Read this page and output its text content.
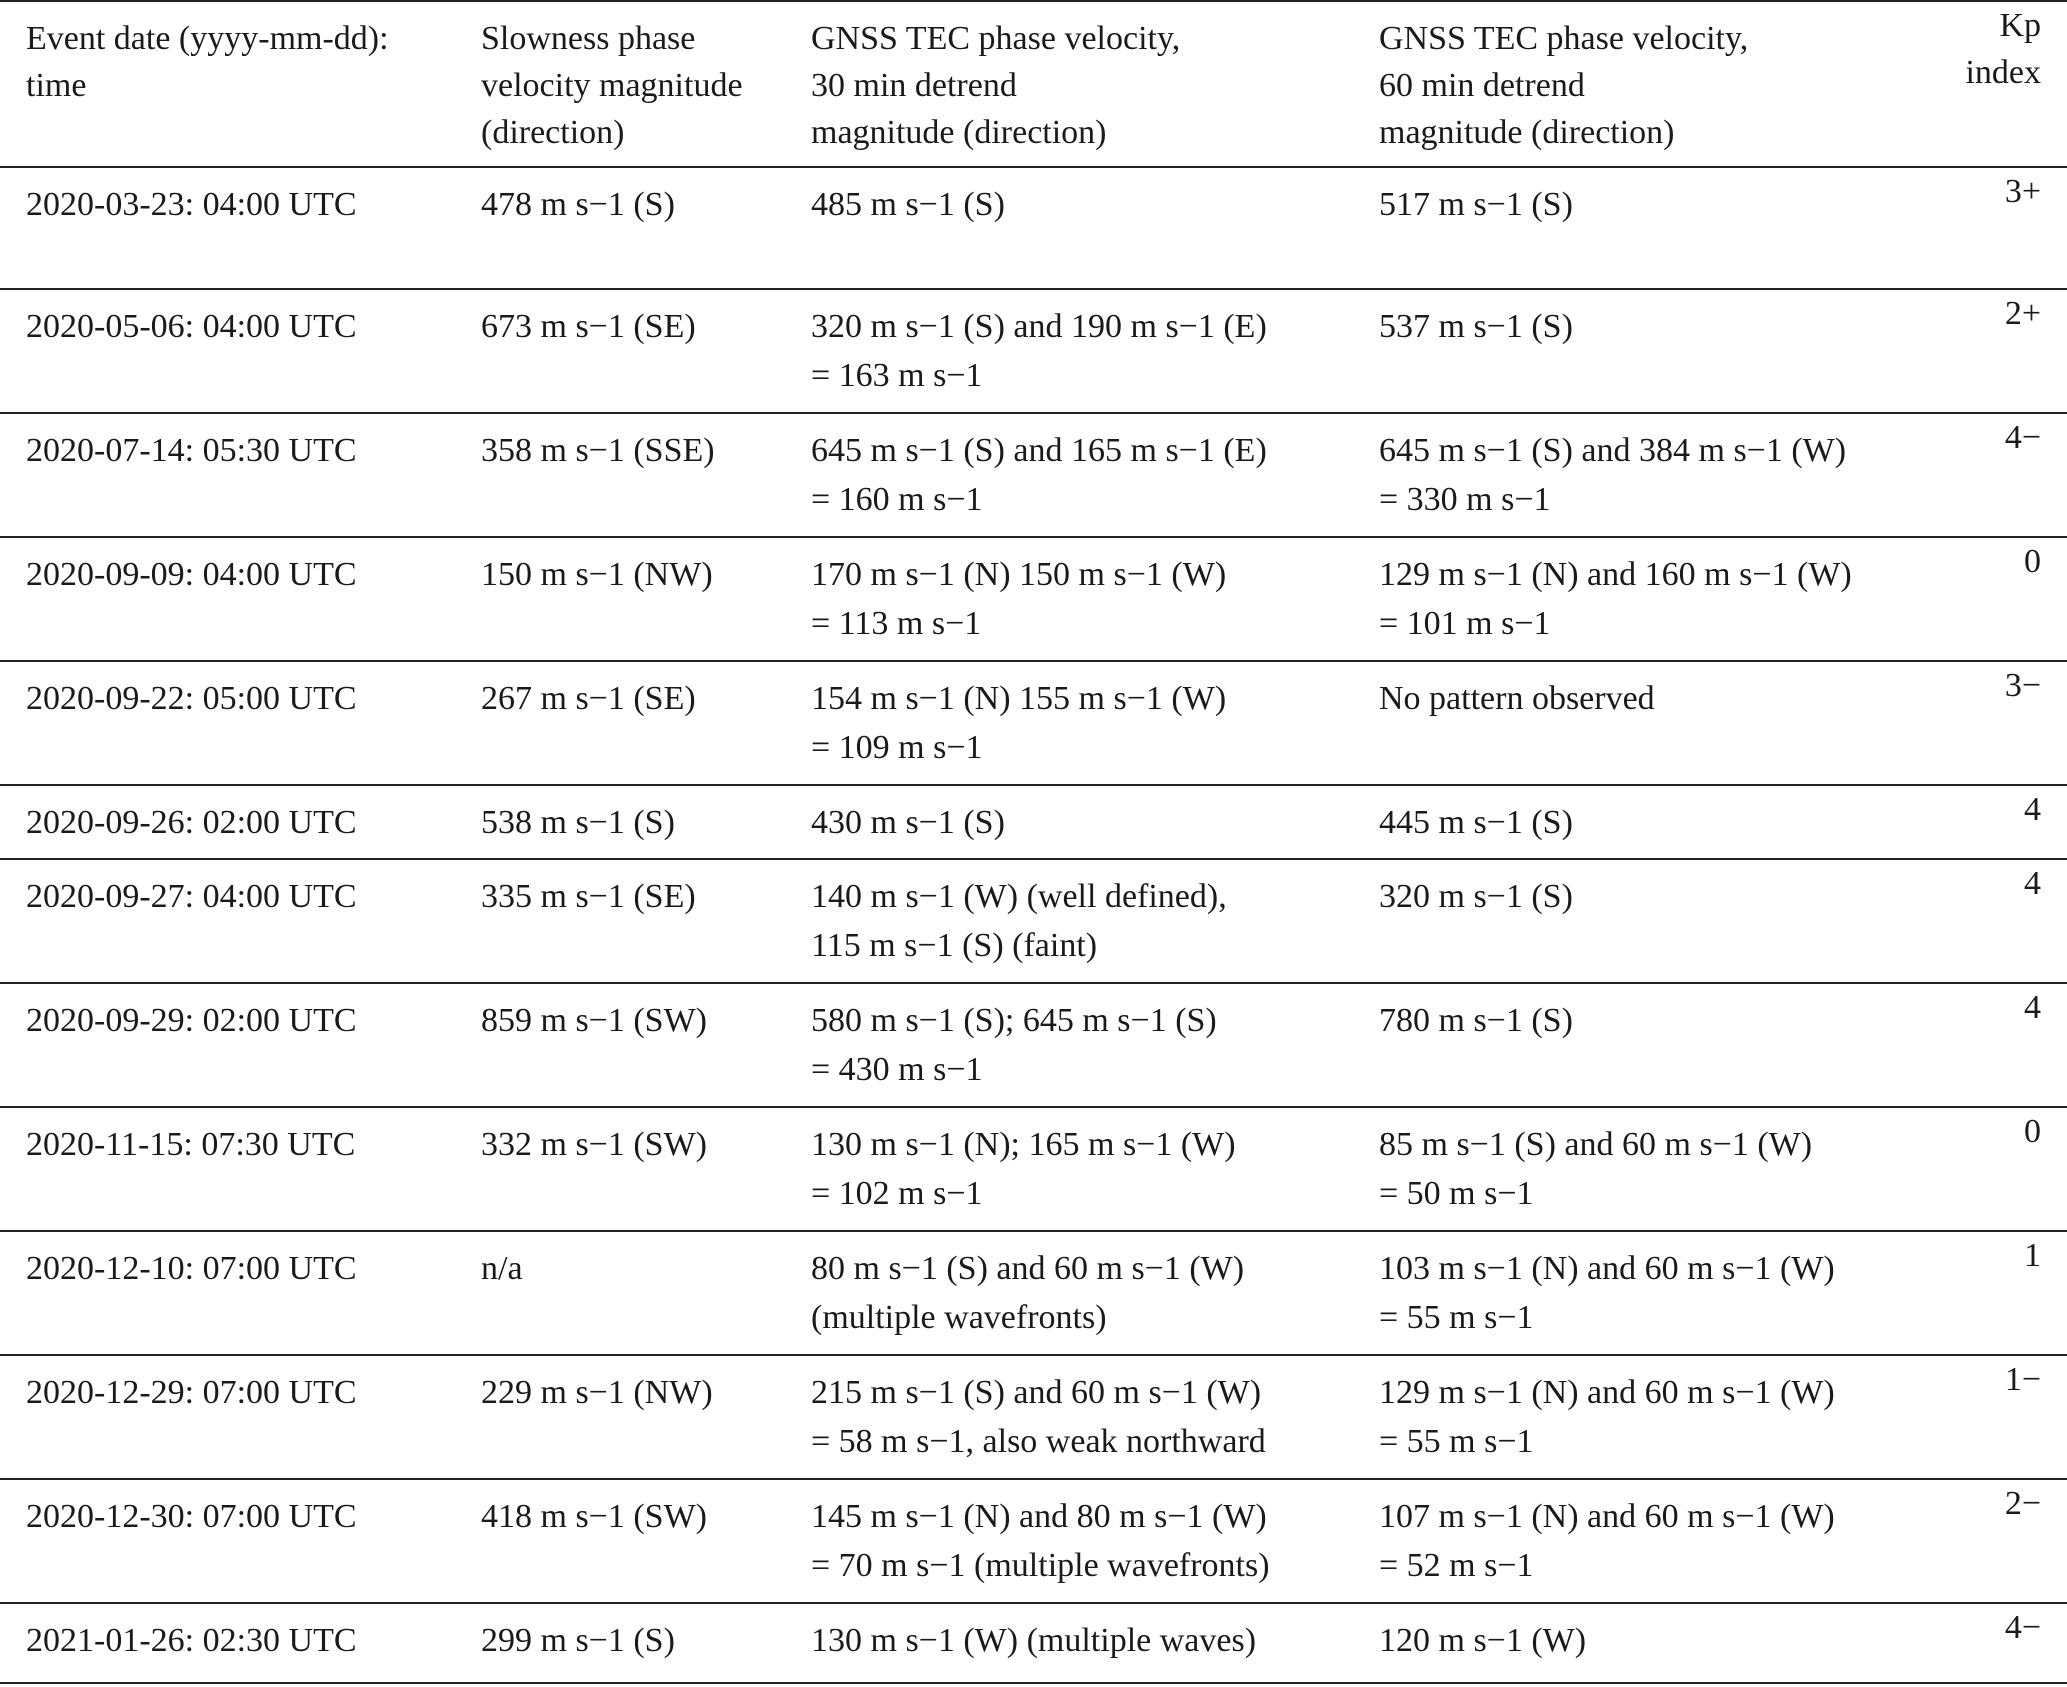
Event date (yyyy-mm-dd):
time	Slowness phase
velocity magnitude
(direction)	GNSS TEC phase velocity,
30 min detrend
magnitude (direction)	GNSS TEC phase velocity,
60 min detrend
magnitude (direction)	Kp
index

2020-03-23: 04:00 UTC	478 m s−1 (S)	485 m s−1 (S)	517 m s−1 (S)	3+

2020-05-06: 04:00 UTC	673 m s−1 (SE)	320 m s−1 (S) and 190 m s−1 (E)
= 163 m s−1	537 m s−1 (S)	2+

2020-07-14: 05:30 UTC	358 m s−1 (SSE)	645 m s−1 (S) and 165 m s−1 (E)
= 160 m s−1	645 m s−1 (S) and 384 m s−1 (W)
= 330 m s−1	4−

2020-09-09: 04:00 UTC	150 m s−1 (NW)	170 m s−1 (N) 150 m s−1 (W)
= 113 m s−1	129 m s−1 (N) and 160 m s−1 (W)
= 101 m s−1	0

2020-09-22: 05:00 UTC	267 m s−1 (SE)	154 m s−1 (N) 155 m s−1 (W)
= 109 m s−1	No pattern observed	3−

2020-09-26: 02:00 UTC	538 m s−1 (S)	430 m s−1 (S)	445 m s−1 (S)	4

2020-09-27: 04:00 UTC	335 m s−1 (SE)	140 m s−1 (W) (well defined),
115 m s−1 (S) (faint)	320 m s−1 (S)	4

2020-09-29: 02:00 UTC	859 m s−1 (SW)	580 m s−1 (S); 645 m s−1 (S)
= 430 m s−1	780 m s−1 (S)	4

2020-11-15: 07:30 UTC	332 m s−1 (SW)	130 m s−1 (N); 165 m s−1 (W)
= 102 m s−1	85 m s−1 (S) and 60 m s−1 (W)
= 50 m s−1	0

2020-12-10: 07:00 UTC	n/a	80 m s−1 (S) and 60 m s−1 (W)
(multiple wavefronts)	103 m s−1 (N) and 60 m s−1 (W)
= 55 m s−1	1

2020-12-29: 07:00 UTC	229 m s−1 (NW)	215 m s−1 (S) and 60 m s−1 (W)
= 58 m s−1, also weak northward	129 m s−1 (N) and 60 m s−1 (W)
= 55 m s−1	1−

2020-12-30: 07:00 UTC	418 m s−1 (SW)	145 m s−1 (N) and 80 m s−1 (W)
= 70 m s−1 (multiple wavefronts)	107 m s−1 (N) and 60 m s−1 (W)
= 52 m s−1	2−

2021-01-26: 02:30 UTC	299 m s−1 (S)	130 m s−1 (W) (multiple waves)	120 m s−1 (W)	4−
